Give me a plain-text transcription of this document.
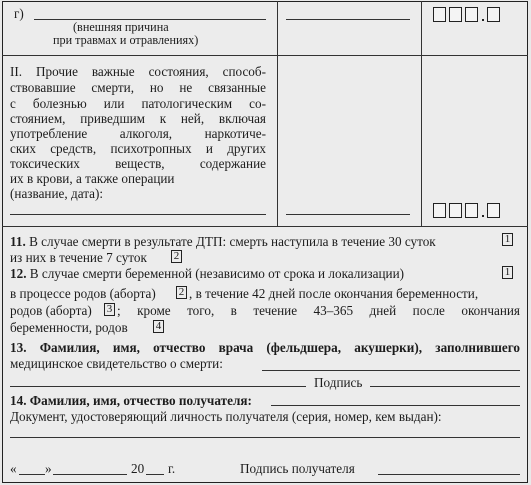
г)
(внешняя причина
при травмах и отравлениях)
II. Прочие важные состояния, способ-
ствовавшие смерти, но не связанные
с болезнью или патологическим со-
стоянием, приведшим к ней, включая
употребление алкоголя, наркотиче-
ских средств, психотропных и других
токсических веществ, содержание
их в крови, а также операции
(название, дата):
11. В случае смерти в результате ДТП: смерть наступила в течение 30 суток	1
из них в течение 7 суток 2
12. В случае смерти беременной (независимо от срока и локализации)	1
в процессе родов (аборта) 2 , в течение 42 дней после окончания беременности,
родов (аборта) 3 ; кроме того, в течение 43–365 дней после окончания
беременности, родов	4
13. Фамилия, имя, отчество врача (фельдшера, акушерки), заполнившего
медицинское свидетельство о смерти:
Подпись
14. Фамилия, имя, отчество получателя:
Документ, удостоверяющий личность получателя (серия, номер, кем выдан):
« »	20 г.	Подпись получателя
